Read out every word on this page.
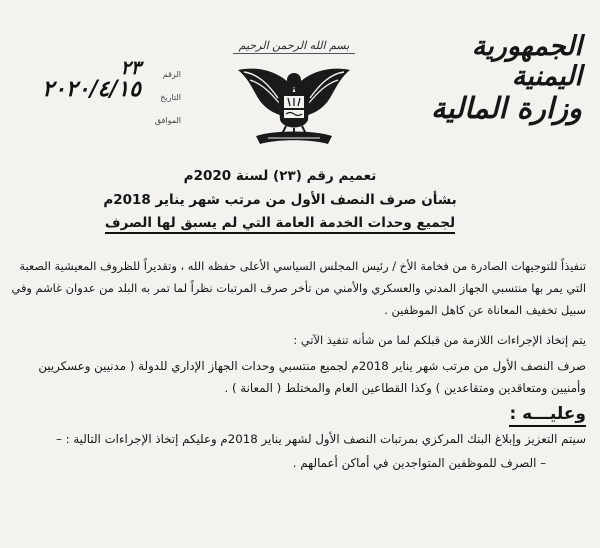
الجمهورية اليمنية
وزارة المالية
بسم الله الرحمن الرحيم
الرقم
٢٣
التاريخ
٢٠٢٠/٤/١٥
الموافق
تعميم رقم (٢٣) لسنة 2020م
بشأن صرف النصف الأول من مرتب شهر يناير 2018م
لجميع وحدات الخدمة العامة التي لم يسبق لها الصرف

تنفيذاً للتوجيهات الصادرة من فخامة الأخ / رئيس المجلس السياسي الأعلى حفظه الله ، وتقديراً للظروف المعيشية الصعبة التي يمر بها منتسبي الجهاز المدني والعسكري والأمني من تأخر صرف المرتبات نظراً لما تمر به البلد من عدوان غاشم وفي سبيل تخفيف المعاناة عن كاهل الموظفين .

يتم إتخاذ الإجراءات اللازمة من قبلكم لما من شأنه تنفيذ الآتي :

صرف النصف الأول من مرتب شهر يناير 2018م لجميع منتسبي وحدات الجهاز الإداري للدولة ( مدنيين وعسكريين وأمنيين ومتعاقدين ومتقاعدين ) وكذا القطاعين العام والمختلط ( المعانة ) .

وعليـــه :

سيتم التعزيز وإبلاغ البنك المركزي بمرتبات النصف الأول لشهر يناير 2018م وعليكم إتخاذ الإجراءات التالية : –

– الصرف للموظفين المتواجدين في أماكن أعمالهم .
